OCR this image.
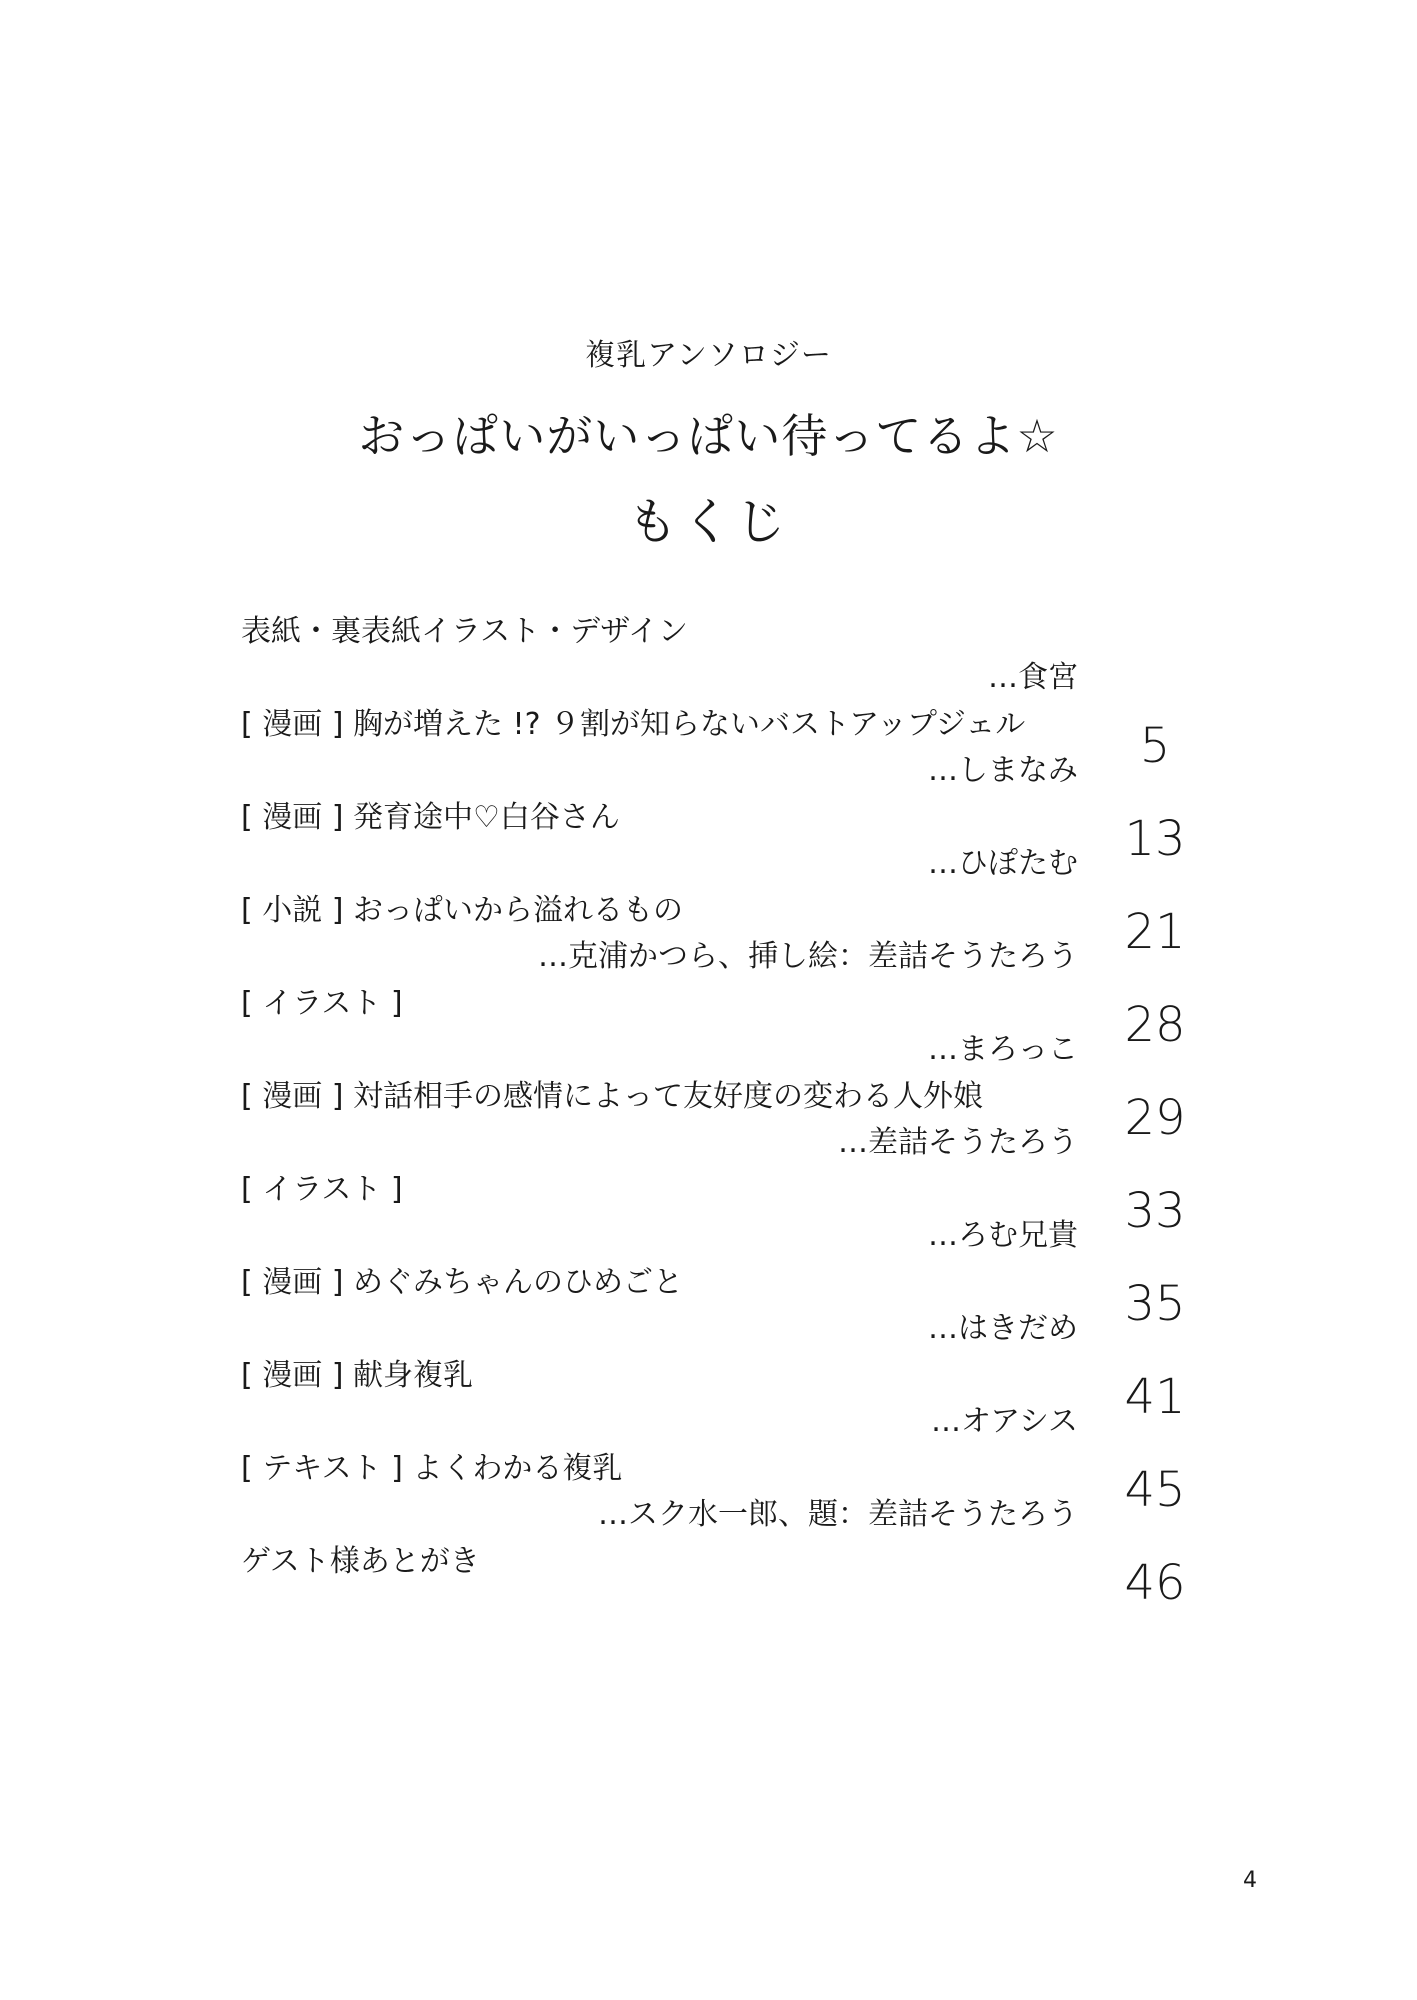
複乳アンソロジー
おっぱいがいっぱい待ってるよ☆
もくじ
表紙・裏表紙イラスト・デザイン
…食宮
[ 漫画 ] 胸が増えた !? ９割が知らないバストアップジェル
…しまなみ	5
[ 漫画 ] 発育途中♡白谷さん
…ひぽたむ 13
[ 小説 ] おっぱいから溢れるもの
…克浦かつら、挿し絵：差詰そうたろう 21
[ イラスト ]
…まろっこ 28
[ 漫画 ] 対話相手の感情によって友好度の変わる人外娘
…差詰そうたろう 29
[ イラスト ]
…ろむ兄貴 33
[ 漫画 ] めぐみちゃんのひめごと
…はきだめ 35
[ 漫画 ] 献身複乳
…オアシス 41
[ テキスト ] よくわかる複乳
…スク水一郎、題：差詰そうたろう 45
ゲスト様あとがき	46
4
